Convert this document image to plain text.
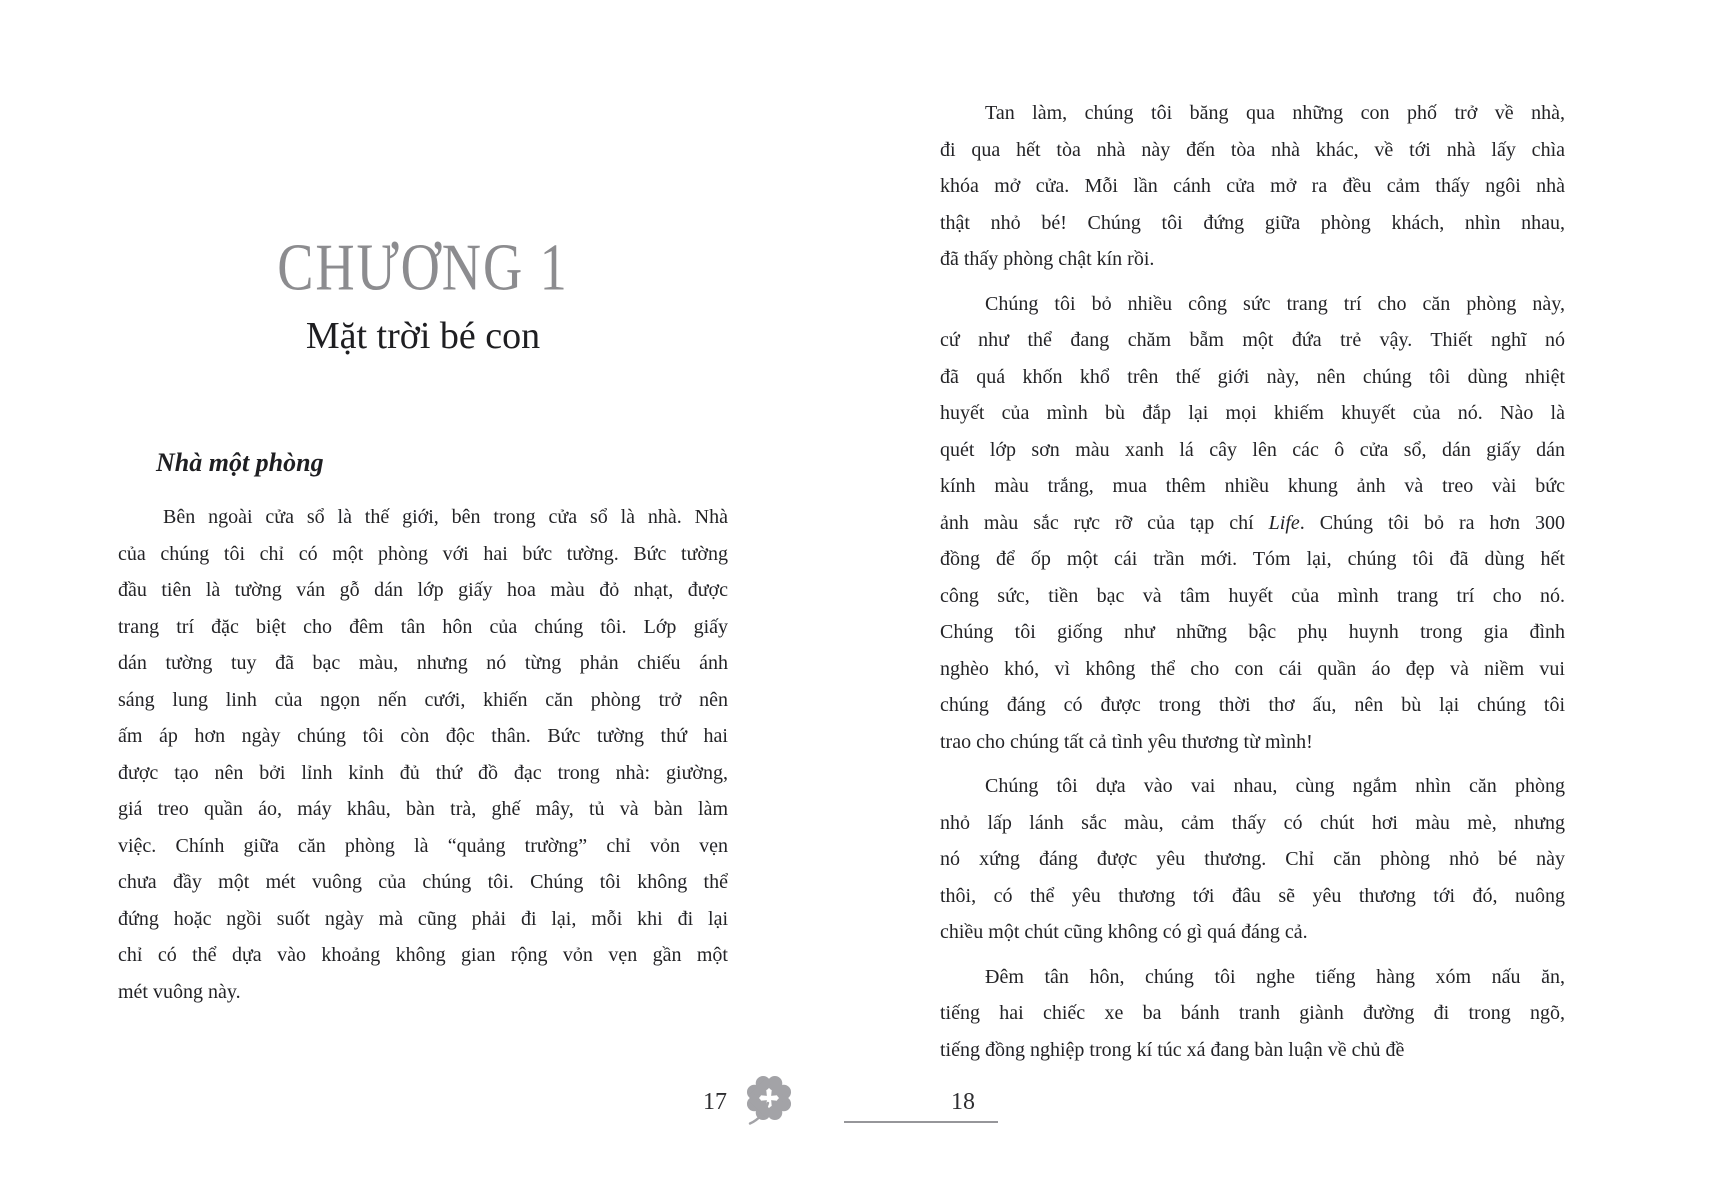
CHƯƠNG 1
Mặt trời bé con
Nhà một phòng
Bên ngoài cửa sổ là thế giới, bên trong cửa sổ là nhà. Nhà
của chúng tôi chỉ có một phòng với hai bức tường. Bức tường
đầu tiên là tường ván gỗ dán lớp giấy hoa màu đỏ nhạt, được
trang trí đặc biệt cho đêm tân hôn của chúng tôi. Lớp giấy
dán tường tuy đã bạc màu, nhưng nó từng phản chiếu ánh
sáng lung linh của ngọn nến cưới, khiến căn phòng trở nên
ấm áp hơn ngày chúng tôi còn độc thân. Bức tường thứ hai
được tạo nên bởi lỉnh kỉnh đủ thứ đồ đạc trong nhà: giường,
giá treo quần áo, máy khâu, bàn trà, ghế mây, tủ và bàn làm
việc. Chính giữa căn phòng là “quảng trường” chỉ vỏn vẹn
chưa đầy một mét vuông của chúng tôi. Chúng tôi không thể
đứng hoặc ngồi suốt ngày mà cũng phải đi lại, mỗi khi đi lại
chỉ có thể dựa vào khoảng không gian rộng vỏn vẹn gần một
mét vuông này.
Tan làm, chúng tôi băng qua những con phố trở về nhà,
đi qua hết tòa nhà này đến tòa nhà khác, về tới nhà lấy chìa
khóa mở cửa. Mỗi lần cánh cửa mở ra đều cảm thấy ngôi nhà
thật nhỏ bé! Chúng tôi đứng giữa phòng khách, nhìn nhau,
đã thấy phòng chật kín rồi.
Chúng tôi bỏ nhiều công sức trang trí cho căn phòng này,
cứ như thể đang chăm bẵm một đứa trẻ vậy. Thiết nghĩ nó
đã quá khốn khổ trên thế giới này, nên chúng tôi dùng nhiệt
huyết của mình bù đắp lại mọi khiếm khuyết của nó. Nào là
quét lớp sơn màu xanh lá cây lên các ô cửa sổ, dán giấy dán
kính màu trắng, mua thêm nhiều khung ảnh và treo vài bức
ảnh màu sắc rực rỡ của tạp chí Life. Chúng tôi bỏ ra hơn 300
đồng để ốp một cái trần mới. Tóm lại, chúng tôi đã dùng hết
công sức, tiền bạc và tâm huyết của mình trang trí cho nó.
Chúng tôi giống như những bậc phụ huynh trong gia đình
nghèo khó, vì không thể cho con cái quần áo đẹp và niềm vui
chúng đáng có được trong thời thơ ấu, nên bù lại chúng tôi
trao cho chúng tất cả tình yêu thương từ mình!
Chúng tôi dựa vào vai nhau, cùng ngắm nhìn căn phòng
nhỏ lấp lánh sắc màu, cảm thấy có chút hơi màu mè, nhưng
nó xứng đáng được yêu thương. Chỉ căn phòng nhỏ bé này
thôi, có thể yêu thương tới đâu sẽ yêu thương tới đó, nuông
chiều một chút cũng không có gì quá đáng cả.
Đêm tân hôn, chúng tôi nghe tiếng hàng xóm nấu ăn,
tiếng hai chiếc xe ba bánh tranh giành đường đi trong ngõ,
tiếng đồng nghiệp trong kí túc xá đang bàn luận về chủ đề
17	18
